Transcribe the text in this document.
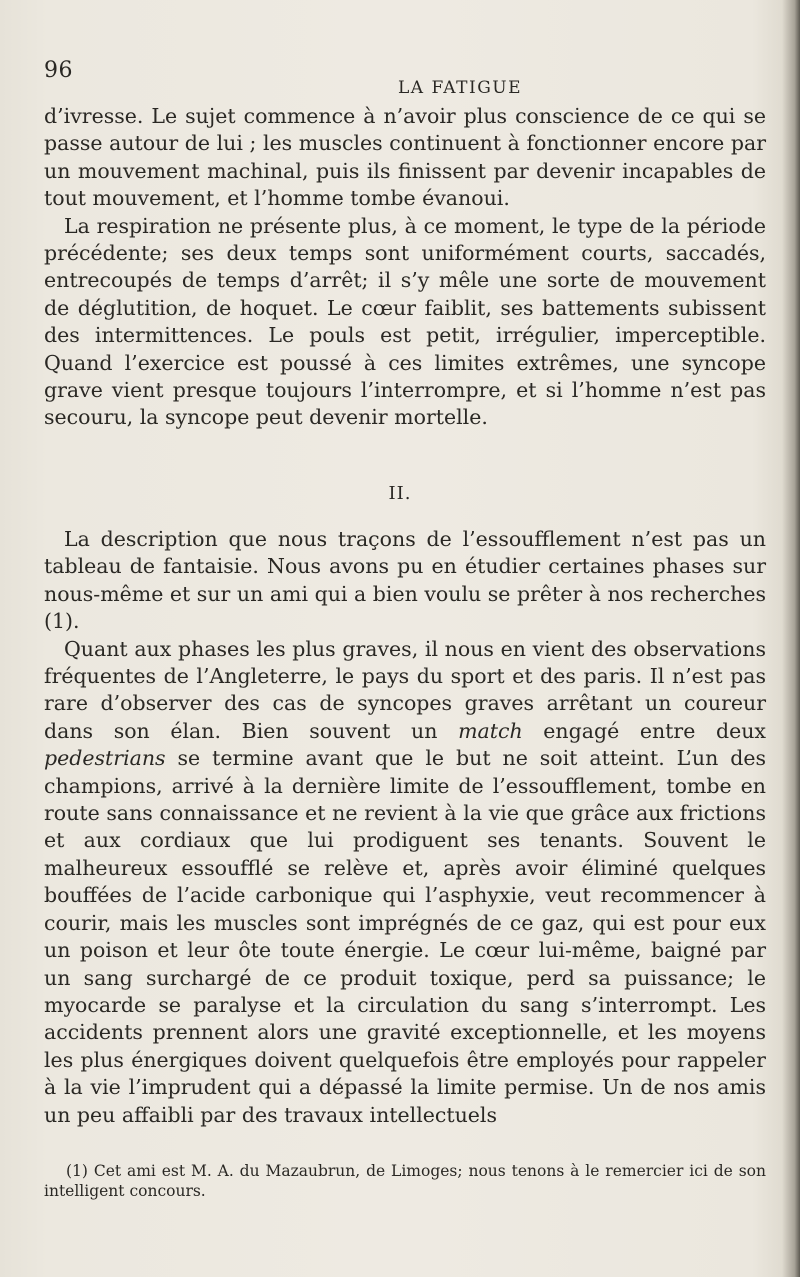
96
LA FATIGUE

d’ivresse. Le sujet commence à n’avoir plus conscience de ce qui se passe autour de lui ; les muscles continuent à fonctionner encore par un mouvement machinal, puis ils finissent par devenir incapables de tout mouvement, et l’homme tombe évanoui.

La respiration ne présente plus, à ce moment, le type de la période précédente; ses deux temps sont uniformément courts, saccadés, entrecoupés de temps d’arrêt; il s’y mêle une sorte de mouvement de déglutition, de hoquet. Le cœur faiblit, ses battements subissent des intermittences. Le pouls est petit, irrégulier, imperceptible. Quand l’exercice est poussé à ces limites extrêmes, une syncope grave vient presque toujours l’interrompre, et si l’homme n’est pas secouru, la syncope peut devenir mortelle.

II.

La description que nous traçons de l’essoufflement n’est pas un tableau de fantaisie. Nous avons pu en étudier certaines phases sur nous-même et sur un ami qui a bien voulu se prêter à nos recherches (1).

Quant aux phases les plus graves, il nous en vient des observations fréquentes de l’Angleterre, le pays du sport et des paris. Il n’est pas rare d’observer des cas de syncopes graves arrêtant un coureur dans son élan. Bien souvent un match engagé entre deux pedestrians se termine avant que le but ne soit atteint. L’un des champions, arrivé à la dernière limite de l’essoufflement, tombe en route sans connaissance et ne revient à la vie que grâce aux frictions et aux cordiaux que lui prodiguent ses tenants. Souvent le malheureux essoufflé se relève et, après avoir éliminé quelques bouffées de l’acide carbonique qui l’asphyxie, veut recommencer à courir, mais les muscles sont imprégnés de ce gaz, qui est pour eux un poison et leur ôte toute énergie. Le cœur lui-même, baigné par un sang surchargé de ce produit toxique, perd sa puissance; le myocarde se paralyse et la circulation du sang s’interrompt. Les accidents prennent alors une gravité exceptionnelle, et les moyens les plus énergiques doivent quelquefois être employés pour rappeler à la vie l’imprudent qui a dépassé la limite permise. Un de nos amis un peu affaibli par des travaux intellectuels

(1) Cet ami est M. A. du Mazaubrun, de Limoges; nous tenons à le remercier ici de son intelligent concours.
